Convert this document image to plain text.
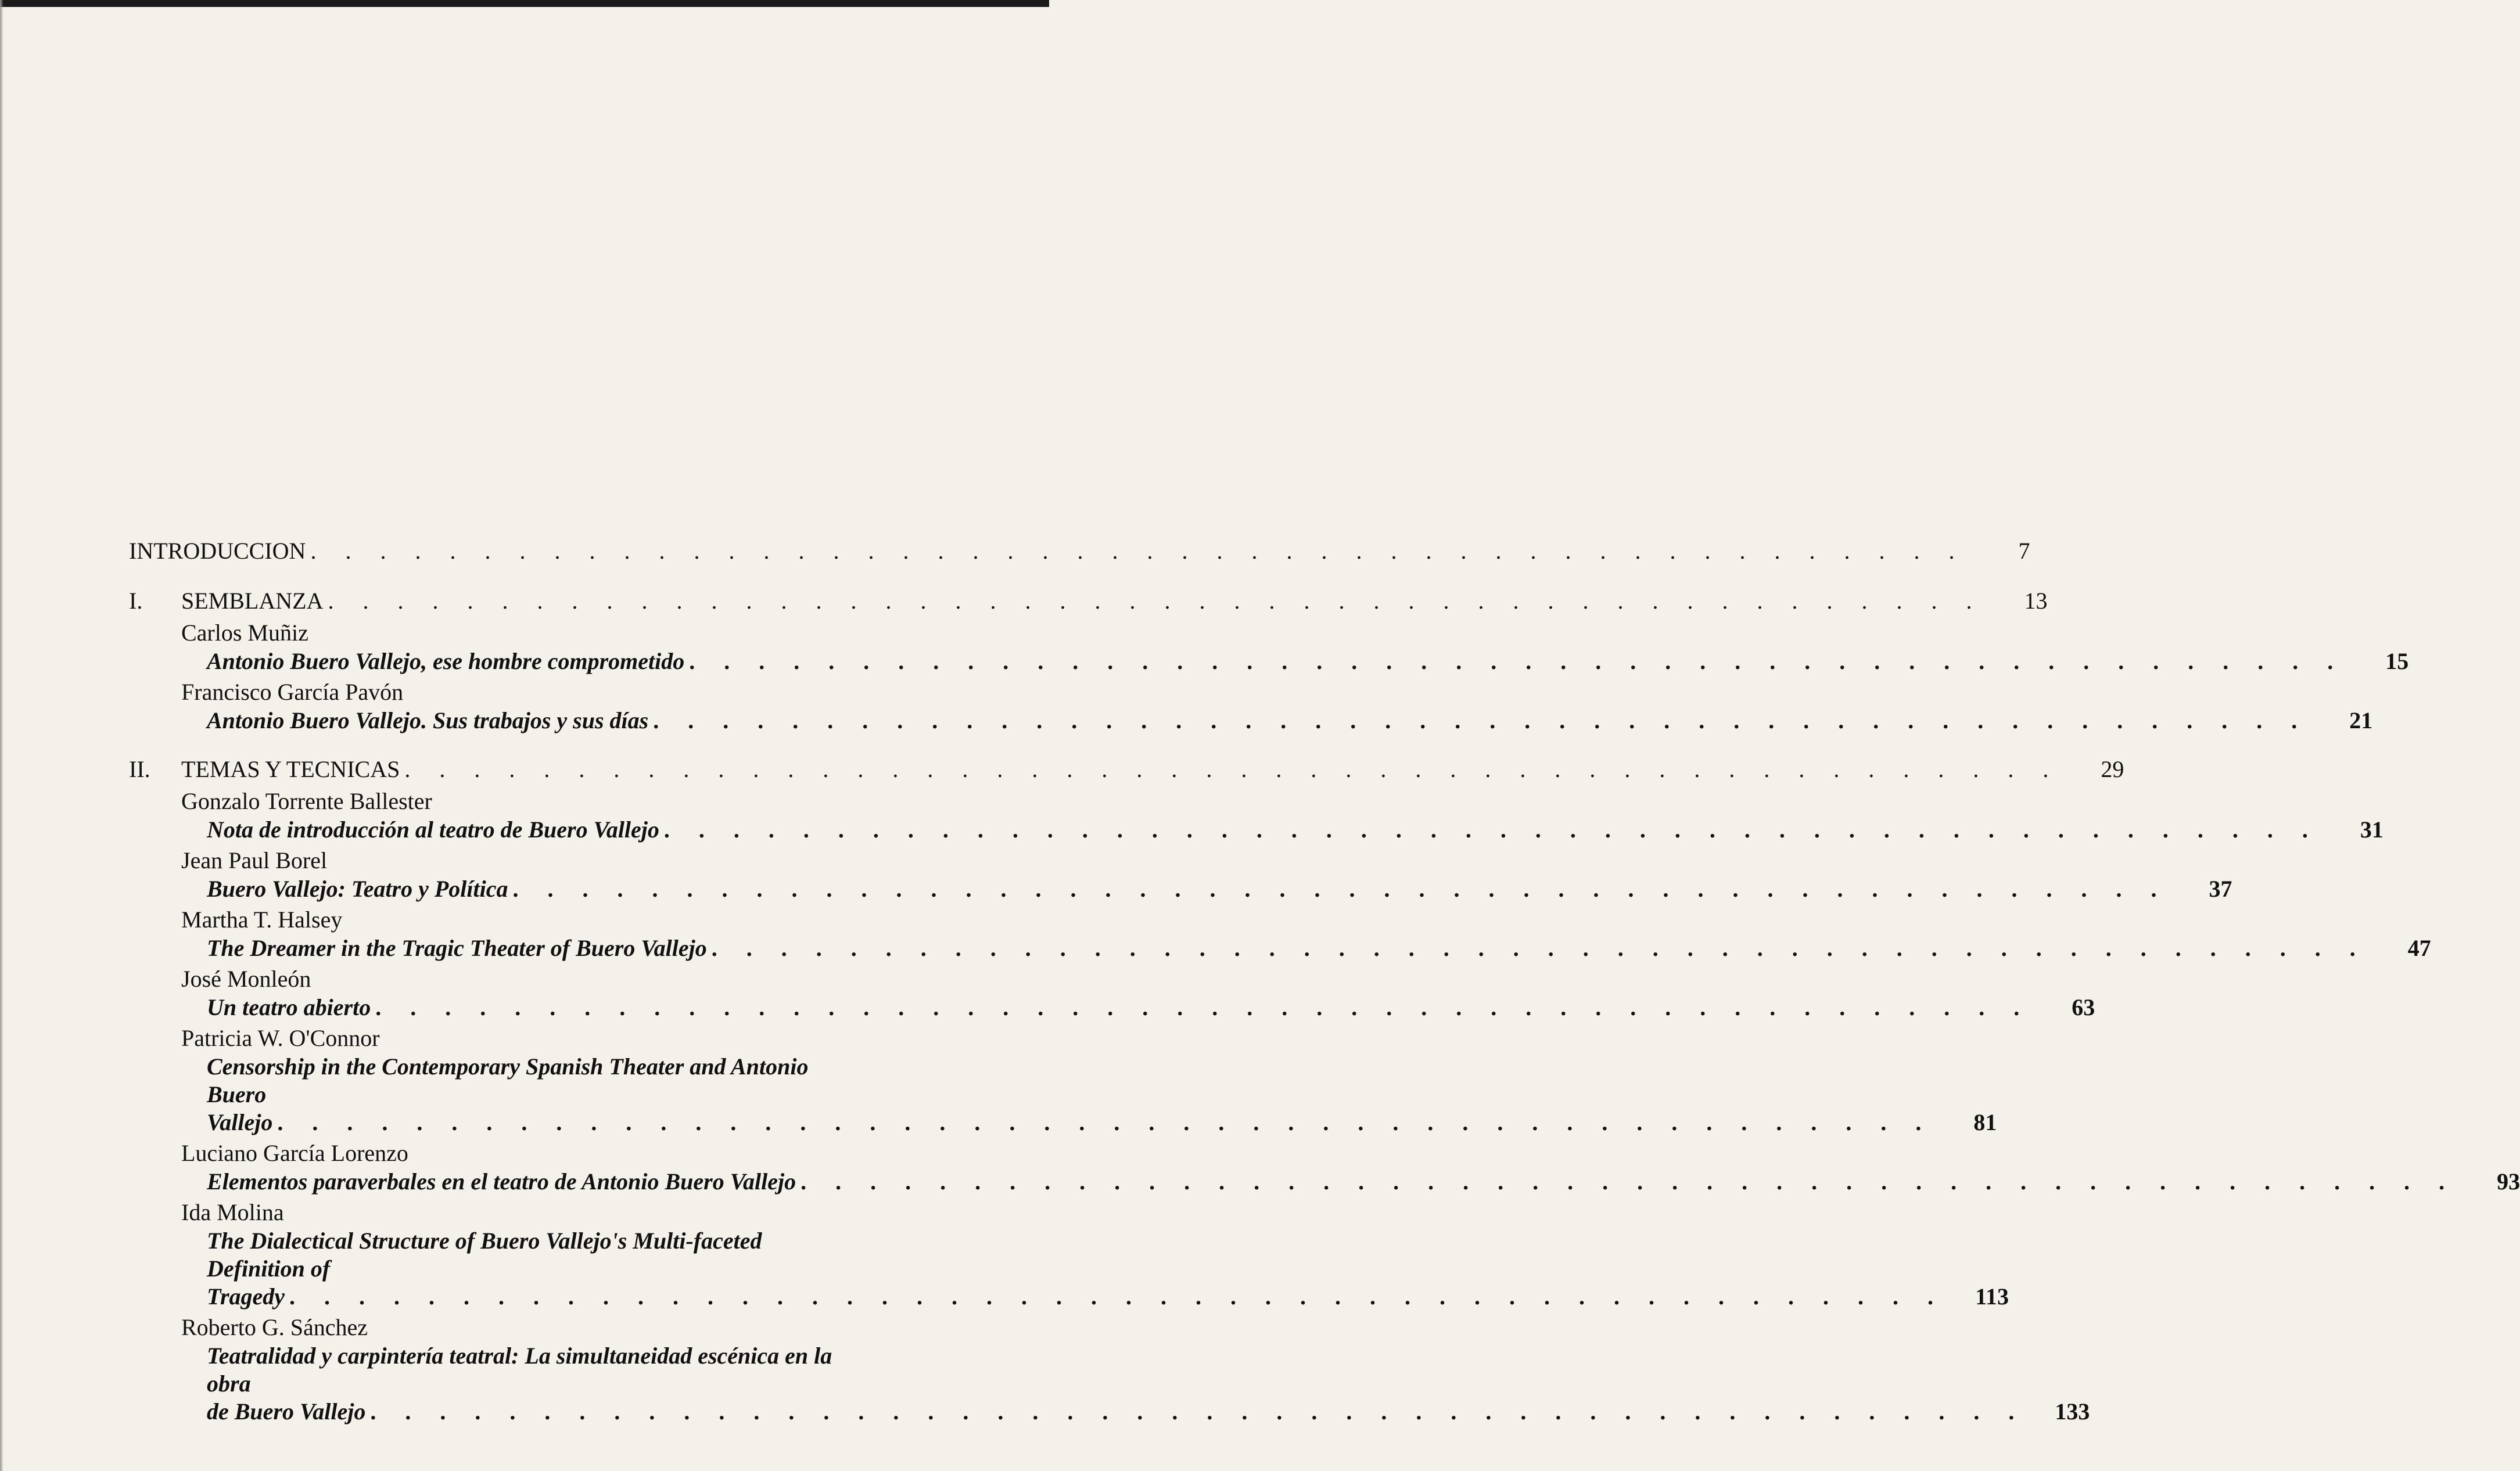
INTRODUCCION . . . . . . . . . . . . . . . . . . . . . . . . . . . . . . . . . . . . . . . . . . . . . . . .	7
I. SEMBLANZA . . . . . . . . . . . . . . . . . . . . . . . . . . . . . . . . . . . . . . . . . . . . . . . .	13
Carlos Muñiz
Antonio Buero Vallejo, ese hombre comprometido . . . . . . . . . . . . . . . . . . . . . . . . . . . . . . . . . . . . . . . . . . . . . . . .	15
Francisco García Pavón
Antonio Buero Vallejo. Sus trabajos y sus días . . . . . . . . . . . . . . . . . . . . . . . . . . . . . . . . . . . . . . . . . . . . . . . .	21
II. TEMAS Y TECNICAS . . . . . . . . . . . . . . . . . . . . . . . . . . . . . . . . . . . . . . . . . . . . . . . .	29
Gonzalo Torrente Ballester
Nota de introducción al teatro de Buero Vallejo . . . . . . . . . . . . . . . . . . . . . . . . . . . . . . . . . . . . . . . . . . . . . . . .	31
Jean Paul Borel
Buero Vallejo: Teatro y Política . . . . . . . . . . . . . . . . . . . . . . . . . . . . . . . . . . . . . . . . . . . . . . . .	37
Martha T. Halsey
The Dreamer in the Tragic Theater of Buero Vallejo . . . . . . . . . . . . . . . . . . . . . . . . . . . . . . . . . . . . . . . . . . . . . . . .	47
José Monleón
Un teatro abierto . . . . . . . . . . . . . . . . . . . . . . . . . . . . . . . . . . . . . . . . . . . . . . . .	63
Patricia W. O'Connor
Censorship in the Contemporary Spanish Theater and Antonio Buero
Vallejo . . . . . . . . . . . . . . . . . . . . . . . . . . . . . . . . . . . . . . . . . . . . . . . .	81
Luciano García Lorenzo
Elementos paraverbales en el teatro de Antonio Buero Vallejo . . . . . . . . . . . . . . . . . . . . . . . . . . . . . . . . . . . . . . . . . . . . . . . .	93
Ida Molina
The Dialectical Structure of Buero Vallejo's Multi-faceted Definition of
Tragedy . . . . . . . . . . . . . . . . . . . . . . . . . . . . . . . . . . . . . . . . . . . . . . . .	113
Roberto G. Sánchez
Teatralidad y carpintería teatral: La simultaneidad escénica en la obra
de Buero Vallejo . . . . . . . . . . . . . . . . . . . . . . . . . . . . . . . . . . . . . . . . . . . . . . . .	133
